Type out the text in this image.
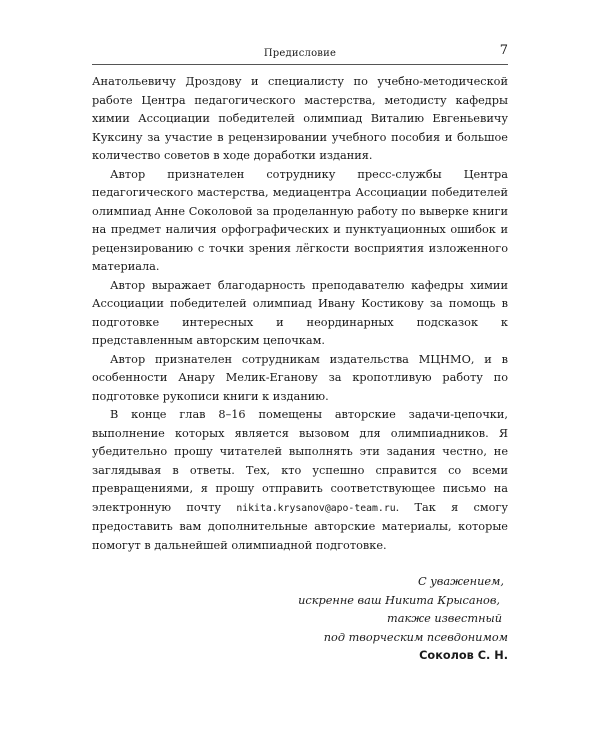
Предисловие	7

Анатольевичу Дроздову и специалисту по учебно-методической работе Центра педагогического мастерства, методисту кафедры химии Ассоциации победителей олимпиад Виталию Евгеньевичу Куксину за участие в рецензировании учебного пособия и большое количество советов в ходе доработки издания.

Автор признателен сотруднику пресс-службы Центра педагогического мастерства, медиацентра Ассоциации победителей олимпиад Анне Соколовой за проделанную работу по выверке книги на предмет наличия орфографических и пунктуационных ошибок и рецензированию с точки зрения лёгкости восприятия изложенного материала.

Автор выражает благодарность преподавателю кафедры химии Ассоциации победителей олимпиад Ивану Костикову за помощь в подготовке интересных и неординарных подсказок к представленным авторским цепочкам.

Автор признателен сотрудникам издательства МЦНМО, и в особенности Анару Мелик-Еганову за кропотливую работу по подготовке рукописи книги к изданию.

В конце глав 8–16 помещены авторские задачи-цепочки, выполнение которых является вызовом для олимпиадников. Я убедительно прошу читателей выполнять эти задания честно, не заглядывая в ответы. Тех, кто успешно справится со всеми превращениями, я прошу отправить соответствующее письмо на электронную почту nikita.krysanov@apo-team.ru. Так я смогу предоставить вам дополнительные авторские материалы, которые помогут в дальнейшей олимпиадной подготовке.

С уважением,
искренне ваш Никита Крысанов,
также известный
под творческим псевдонимом
Соколов С. Н.
